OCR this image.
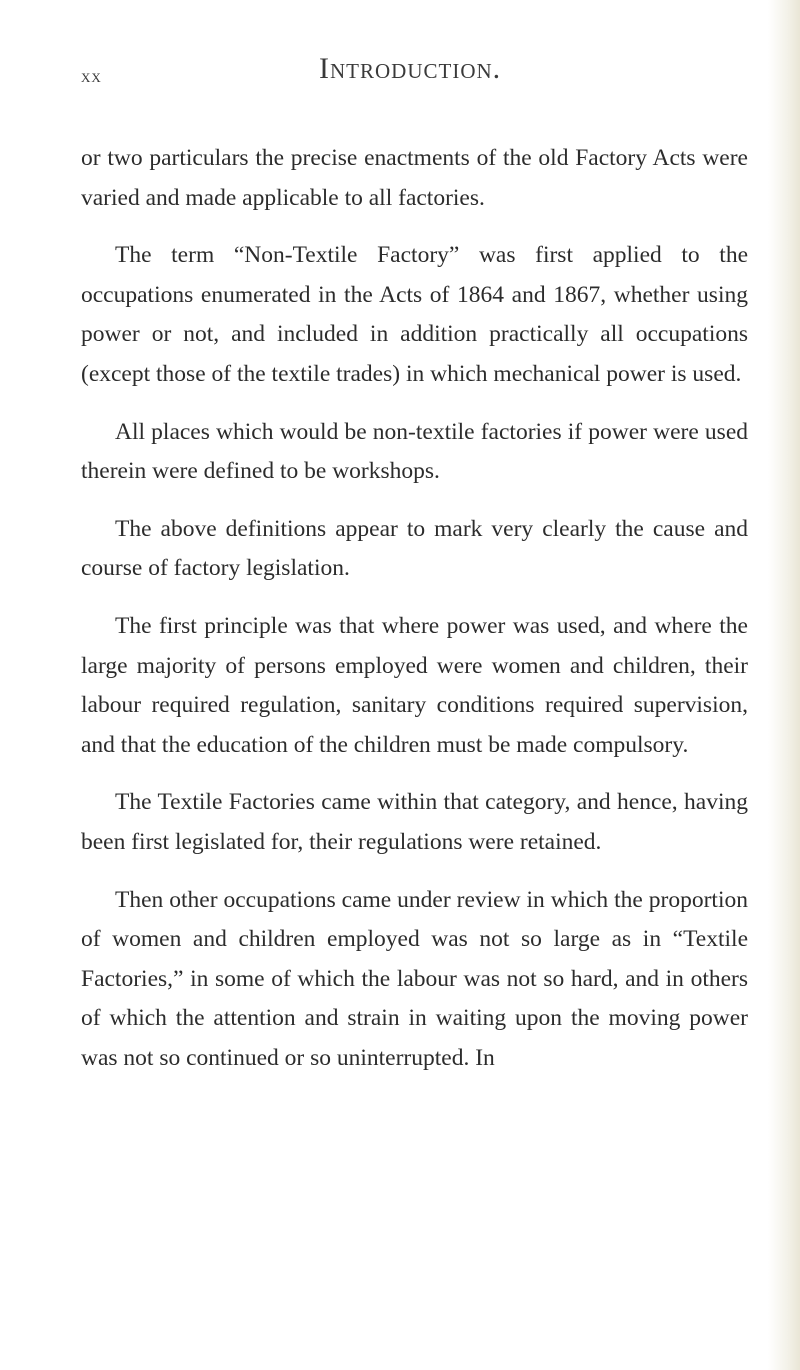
xx	Introduction.

or two particulars the precise enactments of the old Factory Acts were varied and made applicable to all factories.

The term “Non-Textile Factory” was first applied to the occupations enumerated in the Acts of 1864 and 1867, whether using power or not, and included in addition practically all occupations (except those of the textile trades) in which mechanical power is used.

All places which would be non-textile factories if power were used therein were defined to be workshops.

The above definitions appear to mark very clearly the cause and course of factory legislation.

The first principle was that where power was used, and where the large majority of persons employed were women and children, their labour required regulation, sanitary conditions required supervision, and that the education of the children must be made compulsory.

The Textile Factories came within that category, and hence, having been first legislated for, their regulations were retained.

Then other occupations came under review in which the proportion of women and children employed was not so large as in “Textile Factories,” in some of which the labour was not so hard, and in others of which the attention and strain in waiting upon the moving power was not so continued or so uninterrupted. In
